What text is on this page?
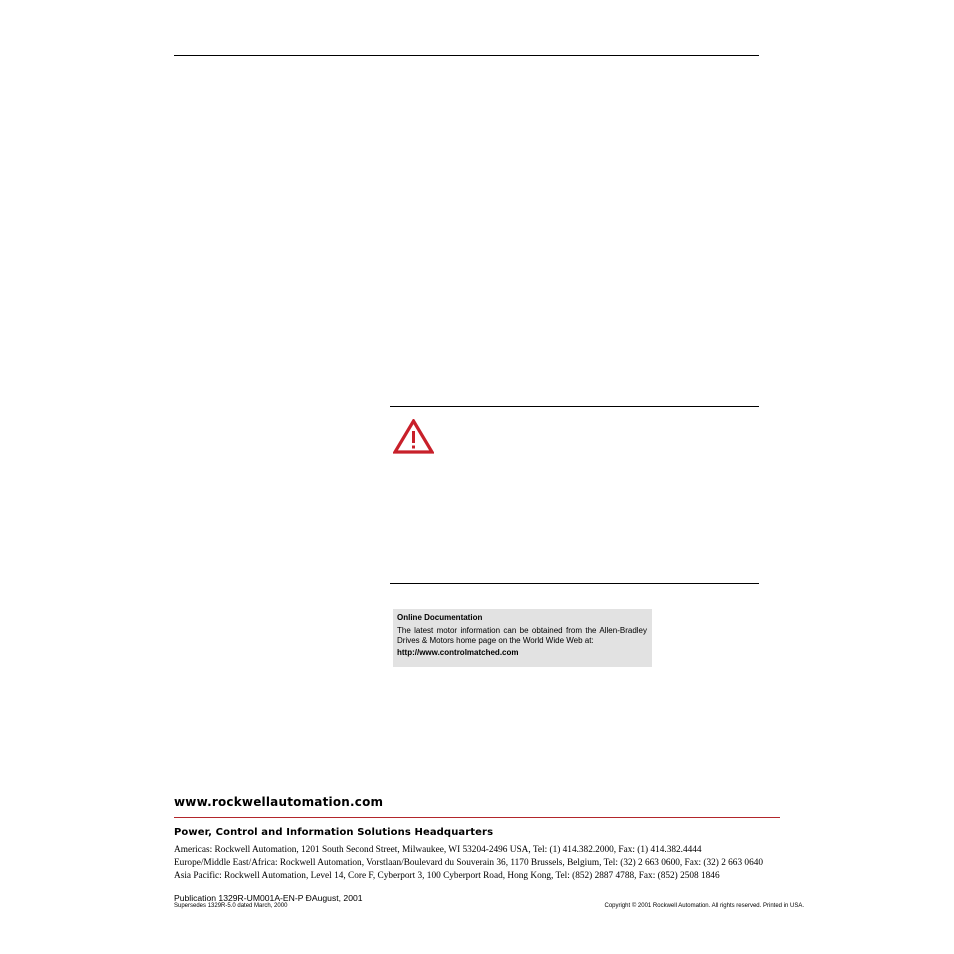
Online Documentation
The latest motor information can be obtained from the Allen-Bradley Drives & Motors home page on the World Wide Web at:
http://www.controlmatched.com
www.rockwellautomation.com
Power, Control and Information Solutions Headquarters
Americas: Rockwell Automation, 1201 South Second Street, Milwaukee, WI 53204-2496 USA, Tel: (1) 414.382.2000, Fax: (1) 414.382.4444
Europe/Middle East/Africa: Rockwell Automation, Vorstlaan/Boulevard du Souverain 36, 1170 Brussels, Belgium, Tel: (32) 2 663 0600, Fax: (32) 2 663 0640
Asia Pacific: Rockwell Automation, Level 14, Core F, Cyberport 3, 100 Cyberport Road, Hong Kong, Tel: (852) 2887 4788, Fax: (852) 2508 1846
Publication 1329R-UM001A-EN-P ÐAugust, 2001
Supersedes 1329R-5.0 dated March, 2000	Copyright © 2001 Rockwell Automation. All rights reserved. Printed in USA.
